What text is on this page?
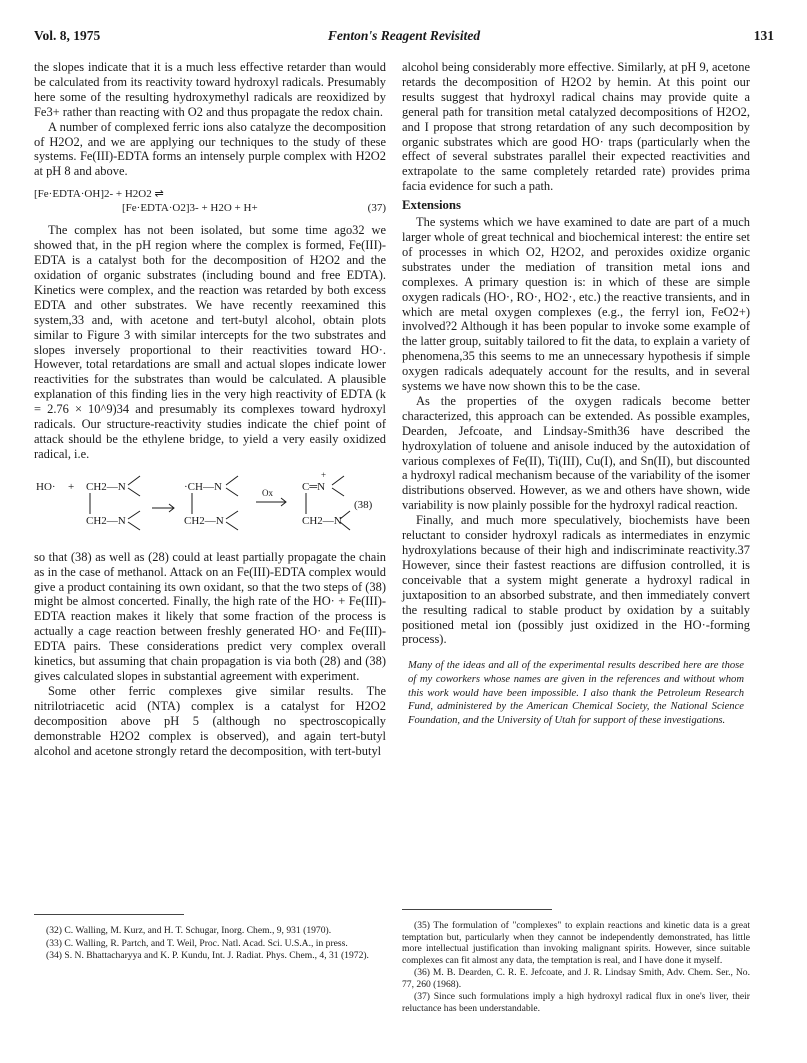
Vol. 8, 1975	Fenton's Reagent Revisited	131

the slopes indicate that it is a much less effective retarder than would be calculated from its reactivity toward hydroxyl radicals. Presumably here some of the resulting hydroxymethyl radicals are reoxidized by Fe3+ rather than reacting with O2 and thus propagate the redox chain.

A number of complexed ferric ions also catalyze the decomposition of H2O2, and we are applying our techniques to the study of these systems. Fe(III)-EDTA forms an intensely purple complex with H2O2 at pH 8 and above.

[Fe·EDTA·OH]2- + H2O2 ⇌
[Fe·EDTA·O2]3- + H2O + H+	(37)

The complex has not been isolated, but some time ago32 we showed that, in the pH region where the complex is formed, Fe(III)-EDTA is a catalyst both for the decomposition of H2O2 and the oxidation of organic substrates (including bound and free EDTA). Kinetics were complex, and the reaction was retarded by both excess EDTA and other substrates. We have recently reexamined this system,33 and, with acetone and tert-butyl alcohol, obtain plots similar to Figure 3 with similar intercepts for the two substrates and slopes inversely proportional to their reactivities toward HO·. However, total retardations are small and actual slopes indicate lower reactivities for the substrates than would be calculated. A plausible explanation of this finding lies in the very high reactivity of EDTA (k = 2.76 × 10^9)34 and presumably its complexes toward hydroxyl radicals. Our structure-reactivity studies indicate the chief point of attack should be the ethylene bridge, to yield a very easily oxidized radical, i.e.

HO· + CH2—N
CH2—N
·CH—N
CH2—N
Ox	C═N
+
CH2—N
(38)

so that (38) as well as (28) could at least partially propagate the chain as in the case of methanol. Attack on an Fe(III)-EDTA complex would give a product containing its own oxidant, so that the two steps of (38) might be almost concerted. Finally, the high rate of the HO· + Fe(III)-EDTA reaction makes it likely that some fraction of the process is actually a cage reaction between freshly generated HO· and Fe(III)-EDTA pairs. These considerations predict very complex overall kinetics, but assuming that chain propagation is via both (28) and (38) gives calculated slopes in substantial agreement with experiment.

Some other ferric complexes give similar results. The nitrilotriacetic acid (NTA) complex is a catalyst for H2O2 decomposition above pH 5 (although no spectroscopically demonstrable H2O2 complex is observed), and again tert-butyl alcohol and acetone strongly retard the decomposition, with tert-butyl

alcohol being considerably more effective. Similarly, at pH 9, acetone retards the decomposition of H2O2 by hemin. At this point our results suggest that hydroxyl radical chains may provide quite a general path for transition metal catalyzed decompositions of H2O2, and I propose that strong retardation of any such decomposition by organic substrates which are good HO· traps (particularly when the effect of several substrates parallel their expected reactivities and extrapolate to the same completely retarded rate) provides prima facia evidence for such a path.

Extensions

The systems which we have examined to date are part of a much larger whole of great technical and biochemical interest: the entire set of processes in which O2, H2O2, and peroxides oxidize organic substrates under the mediation of transition metal ions and complexes. A primary question is: in which of these are simple oxygen radicals (HO·, RO·, HO2·, etc.) the reactive transients, and in which are metal oxygen complexes (e.g., the ferryl ion, FeO2+) involved?2 Although it has been popular to invoke some example of the latter group, suitably tailored to fit the data, to explain a variety of phenomena,35 this seems to me an unnecessary hypothesis if simple oxygen radicals adequately account for the results, and in several systems we have now shown this to be the case.

As the properties of the oxygen radicals become better characterized, this approach can be extended. As possible examples, Dearden, Jefcoate, and Lindsay-Smith36 have described the hydroxylation of toluene and anisole induced by the autoxidation of various complexes of Fe(II), Ti(III), Cu(I), and Sn(II), but discounted a hydroxyl radical mechanism because of the variability of the isomer distributions observed. However, as we and others have shown, wide variability is now plainly possible for the hydroxyl radical reaction.

Finally, and much more speculatively, biochemists have been reluctant to consider hydroxyl radicals as intermediates in enzymic hydroxylations because of their high and indiscriminate reactivity.37 However, since their fastest reactions are diffusion controlled, it is conceivable that a system might generate a hydroxyl radical in juxtaposition to an absorbed substrate, and then immediately convert the resulting radical to stable product by oxidation by a suitably positioned metal ion (possibly just oxidized in the HO·-forming process).

Many of the ideas and all of the experimental results described here are those of my coworkers whose names are given in the references and without whom this work would have been impossible. I also thank the Petroleum Research Fund, administered by the American Chemical Society, the National Science Foundation, and the University of Utah for support of these investigations.

(32) C. Walling, M. Kurz, and H. T. Schugar, Inorg. Chem., 9, 931 (1970).

(33) C. Walling, R. Partch, and T. Weil, Proc. Natl. Acad. Sci. U.S.A., in press.

(34) S. N. Bhattacharyya and K. P. Kundu, Int. J. Radiat. Phys. Chem., 4, 31 (1972).

(35) The formulation of "complexes" to explain reactions and kinetic data is a great temptation but, particularly when they cannot be independently demonstrated, has little more intellectual justification than invoking malignant spirits. However, since suitable complexes can fit almost any data, the temptation is real, and I have done it myself.

(36) M. B. Dearden, C. R. E. Jefcoate, and J. R. Lindsay Smith, Adv. Chem. Ser., No. 77, 260 (1968).

(37) Since such formulations imply a high hydroxyl radical flux in one's liver, their reluctance has been understandable.
